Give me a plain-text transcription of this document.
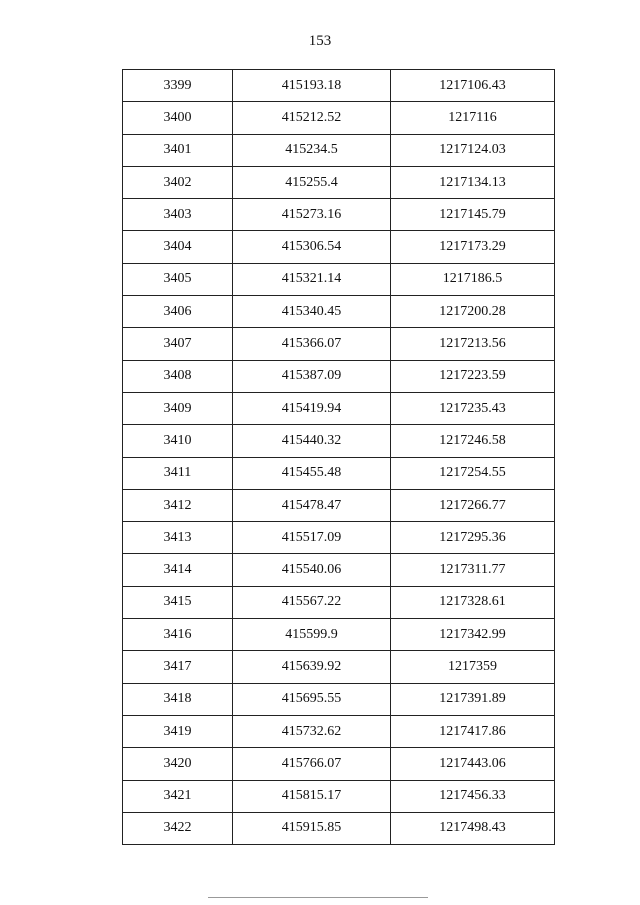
153
3399	415193.18	1217106.43
3400	415212.52	1217116
3401	415234.5	1217124.03
3402	415255.4	1217134.13
3403	415273.16	1217145.79
3404	415306.54	1217173.29
3405	415321.14	1217186.5
3406	415340.45	1217200.28
3407	415366.07	1217213.56
3408	415387.09	1217223.59
3409	415419.94	1217235.43
3410	415440.32	1217246.58
3411	415455.48	1217254.55
3412	415478.47	1217266.77
3413	415517.09	1217295.36
3414	415540.06	1217311.77
3415	415567.22	1217328.61
3416	415599.9	1217342.99
3417	415639.92	1217359
3418	415695.55	1217391.89
3419	415732.62	1217417.86
3420	415766.07	1217443.06
3421	415815.17	1217456.33
3422	415915.85	1217498.43
